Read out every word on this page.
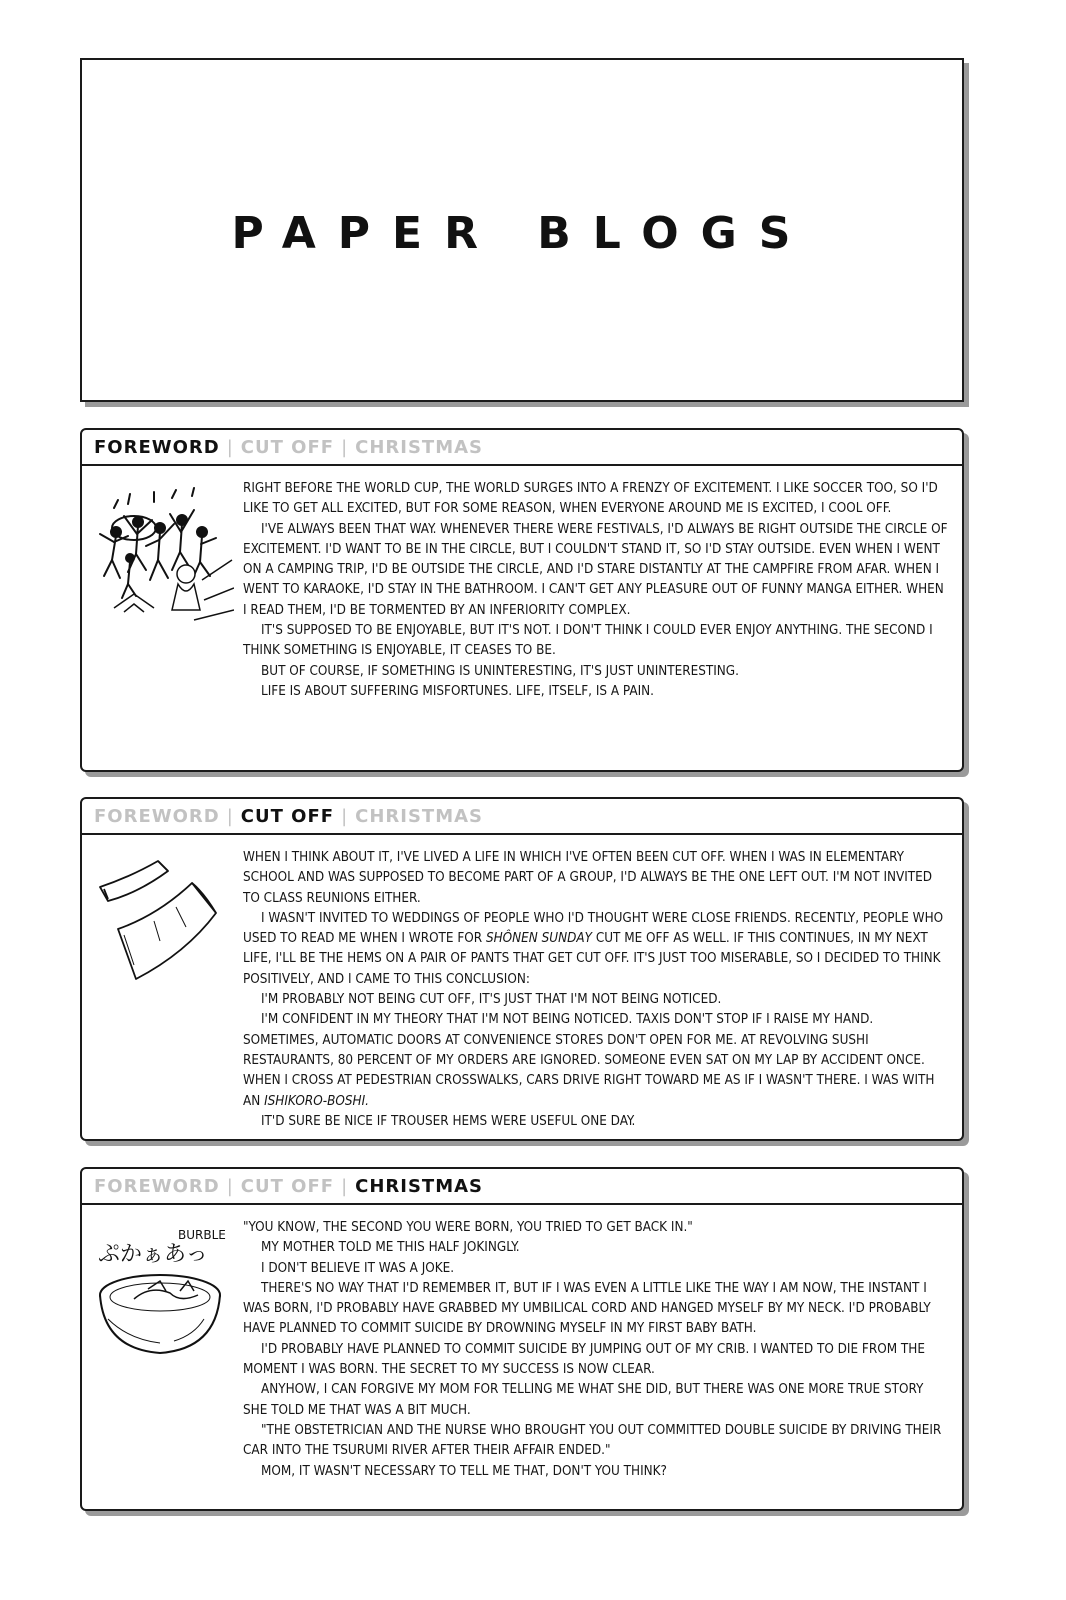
PAPER BLOGS
FOREWORD | CUT OFF | CHRISTMAS

RIGHT BEFORE THE WORLD CUP, THE WORLD SURGES INTO A FRENZY OF EXCITEMENT. I LIKE SOCCER TOO, SO I'D LIKE TO GET ALL EXCITED, BUT FOR SOME REASON, WHEN EVERYONE AROUND ME IS EXCITED, I COOL OFF.

I'VE ALWAYS BEEN THAT WAY. WHENEVER THERE WERE FESTIVALS, I'D ALWAYS BE RIGHT OUTSIDE THE CIRCLE OF EXCITEMENT. I'D WANT TO BE IN THE CIRCLE, BUT I COULDN'T STAND IT, SO I'D STAY OUTSIDE. EVEN WHEN I WENT ON A CAMPING TRIP, I'D BE OUTSIDE THE CIRCLE, AND I'D STARE DISTANTLY AT THE CAMPFIRE FROM AFAR. WHEN I WENT TO KARAOKE, I'D STAY IN THE BATHROOM. I CAN'T GET ANY PLEASURE OUT OF FUNNY MANGA EITHER. WHEN I READ THEM, I'D BE TORMENTED BY AN INFERIORITY COMPLEX.

IT'S SUPPOSED TO BE ENJOYABLE, BUT IT'S NOT. I DON'T THINK I COULD EVER ENJOY ANYTHING. THE SECOND I THINK SOMETHING IS ENJOYABLE, IT CEASES TO BE.

BUT OF COURSE, IF SOMETHING IS UNINTERESTING, IT'S JUST UNINTERESTING.

LIFE IS ABOUT SUFFERING MISFORTUNES. LIFE, ITSELF, IS A PAIN.

FOREWORD | CUT OFF | CHRISTMAS

WHEN I THINK ABOUT IT, I'VE LIVED A LIFE IN WHICH I'VE OFTEN BEEN CUT OFF. WHEN I WAS IN ELEMENTARY SCHOOL AND WAS SUPPOSED TO BECOME PART OF A GROUP, I'D ALWAYS BE THE ONE LEFT OUT. I'M NOT INVITED TO CLASS REUNIONS EITHER.

I WASN'T INVITED TO WEDDINGS OF PEOPLE WHO I'D THOUGHT WERE CLOSE FRIENDS. RECENTLY, PEOPLE WHO USED TO READ ME WHEN I WROTE FOR SHÔNEN SUNDAY CUT ME OFF AS WELL. IF THIS CONTINUES, IN MY NEXT LIFE, I'LL BE THE HEMS ON A PAIR OF PANTS THAT GET CUT OFF. IT'S JUST TOO MISERABLE, SO I DECIDED TO THINK POSITIVELY, AND I CAME TO THIS CONCLUSION:

I'M PROBABLY NOT BEING CUT OFF, IT'S JUST THAT I'M NOT BEING NOTICED.

I'M CONFIDENT IN MY THEORY THAT I'M NOT BEING NOTICED. TAXIS DON'T STOP IF I RAISE MY HAND. SOMETIMES, AUTOMATIC DOORS AT CONVENIENCE STORES DON'T OPEN FOR ME. AT REVOLVING SUSHI RESTAURANTS, 80 PERCENT OF MY ORDERS ARE IGNORED. SOMEONE EVEN SAT ON MY LAP BY ACCIDENT ONCE. WHEN I CROSS AT PEDESTRIAN CROSSWALKS, CARS DRIVE RIGHT TOWARD ME AS IF I WASN'T THERE. I WAS WITH AN ISHIKORO-BOSHI.

IT'D SURE BE NICE IF TROUSER HEMS WERE USEFUL ONE DAY.

FOREWORD | CUT OFF | CHRISTMAS
ぷかぁあっ
BURBLE "YOU KNOW, THE SECOND YOU WERE BORN, YOU TRIED TO GET BACK IN."

MY MOTHER TOLD ME THIS HALF JOKINGLY.

I DON'T BELIEVE IT WAS A JOKE.

THERE'S NO WAY THAT I'D REMEMBER IT, BUT IF I WAS EVEN A LITTLE LIKE THE WAY I AM NOW, THE INSTANT I WAS BORN, I'D PROBABLY HAVE GRABBED MY UMBILICAL CORD AND HANGED MYSELF BY MY NECK. I'D PROBABLY HAVE PLANNED TO COMMIT SUICIDE BY DROWNING MYSELF IN MY FIRST BABY BATH.

I'D PROBABLY HAVE PLANNED TO COMMIT SUICIDE BY JUMPING OUT OF MY CRIB. I WANTED TO DIE FROM THE MOMENT I WAS BORN. THE SECRET TO MY SUCCESS IS NOW CLEAR.

ANYHOW, I CAN FORGIVE MY MOM FOR TELLING ME WHAT SHE DID, BUT THERE WAS ONE MORE TRUE STORY SHE TOLD ME THAT WAS A BIT MUCH.

"THE OBSTETRICIAN AND THE NURSE WHO BROUGHT YOU OUT COMMITTED DOUBLE SUICIDE BY DRIVING THEIR CAR INTO THE TSURUMI RIVER AFTER THEIR AFFAIR ENDED."

MOM, IT WASN'T NECESSARY TO TELL ME THAT, DON'T YOU THINK?
